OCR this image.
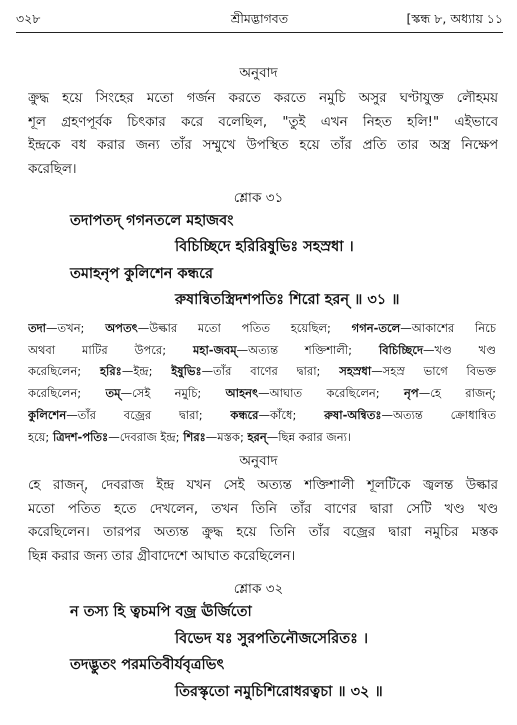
৩২৮	শ্রীমদ্ভাগবত	[স্কন্ধ ৮, অধ্যায় ১১
অনুবাদ
ক্রুদ্ধ হয়ে সিংহের মতো গর্জন করতে করতে নমুচি অসুর ঘণ্টাযুক্ত লৌহময়
শূল গ্রহণপূর্বক চিৎকার করে বলেছিল, "তুই এখন নিহত হলি!" এইভাবে
ইন্দ্রকে বধ করার জন্য তাঁর সম্মুখে উপস্থিত হয়ে তাঁর প্রতি তার অস্ত্র নিক্ষেপ
করেছিল।
শ্লোক ৩১
তদাপতদ্ গগনতলে মহাজবং
বিচিচ্ছিদে হরিরিষুভিঃ সহস্রধা ।
তমাহনৃপ কুলিশেন কন্ধরে
রুষান্বিতস্ত্রিদশপতিঃ শিরো হরন্ ॥ ৩১ ॥
তদা—তখন; অপতৎ—উল্কার মতো পতিত হয়েছিল; গগন-তলে—আকাশের নিচে
অথবা মাটির উপরে; মহা-জবম্—অত্যন্ত শক্তিশালী; বিচিচ্ছিদে—খণ্ড খণ্ড
করেছিলেন; হরিঃ—ইন্দ্র; ইষুভিঃ—তাঁর বাণের দ্বারা; সহস্রধা—সহস্র ভাগে বিভক্ত
করেছিলেন; তম্—সেই নমুচি; আহনৎ—আঘাত করেছিলেন; নৃপ—হে রাজন্;
কুলিশেন—তাঁর বজ্রের দ্বারা; কন্ধরে—কাঁধে; রুষা-অন্বিতঃ—অত্যন্ত ক্রোধান্বিত
হয়ে; ত্রিদশ-পতিঃ—দেবরাজ ইন্দ্র; শিরঃ—মস্তক; হরন্—ছিন্ন করার জন্য।
অনুবাদ
হে রাজন্, দেবরাজ ইন্দ্র যখন সেই অত্যন্ত শক্তিশালী শূলটিকে জ্বলন্ত উল্কার
মতো পতিত হতে দেখলেন, তখন তিনি তাঁর বাণের দ্বারা সেটি খণ্ড খণ্ড
করেছিলেন। তারপর অত্যন্ত ক্রুদ্ধ হয়ে তিনি তাঁর বজ্রের দ্বারা নমুচির মস্তক
ছিন্ন করার জন্য তার গ্রীবাদেশে আঘাত করেছিলেন।
শ্লোক ৩২
ন তস্য হি ত্বচমপি বজ্র ঊর্জিতো
বিভেদ যঃ সুরপতিনৌজসেরিতঃ ।
তদদ্ভুতং পরমতিবীর্যবৃত্রভিৎ
তিরস্কৃতো নমুচিশিরোধরত্বচা ॥ ৩২ ॥
